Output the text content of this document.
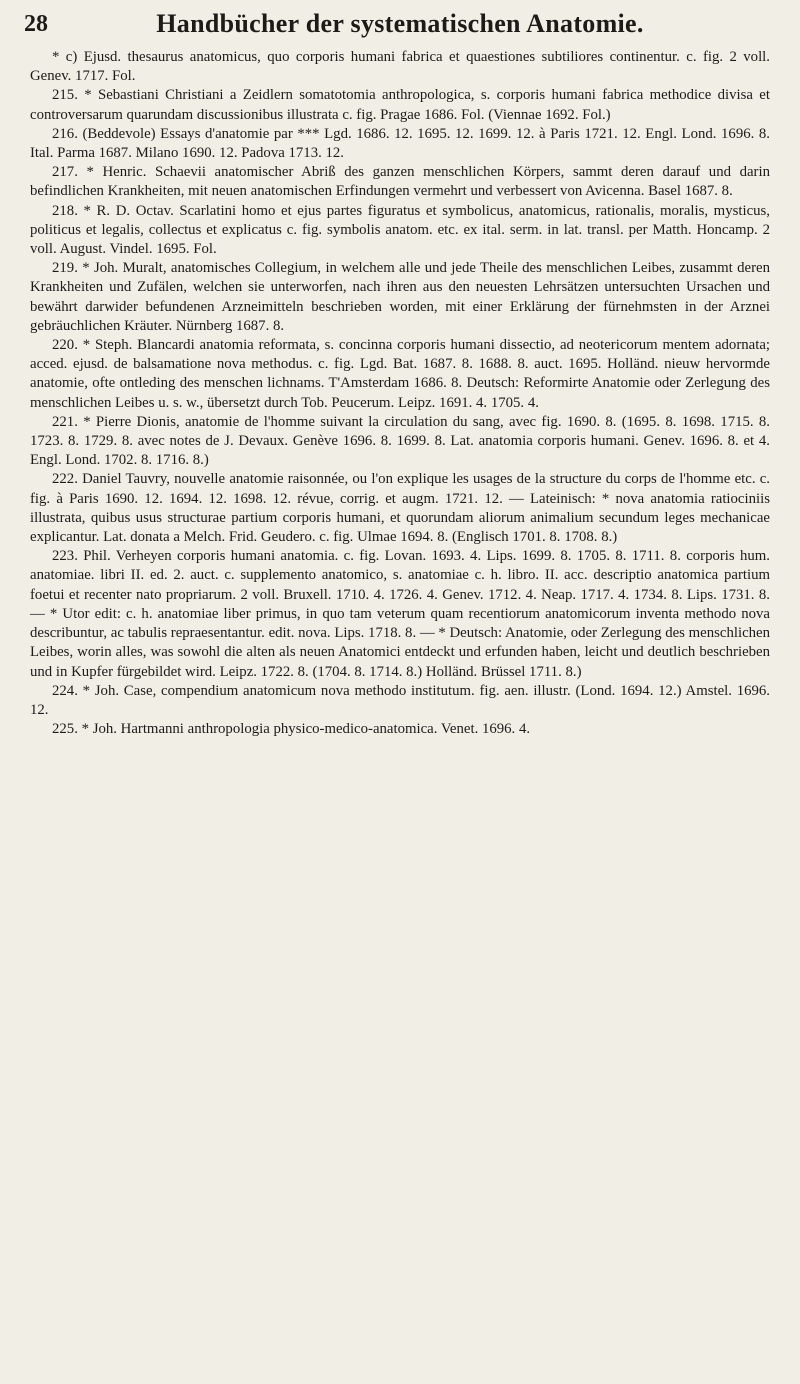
28	Handbücher der systematischen Anatomie.

* c) Ejusd. thesaurus anatomicus, quo corporis humani fabrica et quaestiones subtiliores continentur. c. fig. 2 voll. Genev. 1717. Fol.

215. * Sebastiani Christiani a Zeidlern somatotomia anthropologica, s. corporis humani fabrica methodice divisa et controversarum quarundam discussionibus illustrata c. fig. Pragae 1686. Fol. (Viennae 1692. Fol.)

216. (Beddevole) Essays d'anatomie par *** Lgd. 1686. 12. 1695. 12. 1699. 12. à Paris 1721. 12. Engl. Lond. 1696. 8. Ital. Parma 1687. Milano 1690. 12. Padova 1713. 12.

217. * Henric. Schaevii anatomischer Abriß des ganzen menschlichen Körpers, sammt deren darauf und darin befindlichen Krankheiten, mit neuen anatomischen Erfindungen vermehrt und verbessert von Avicenna. Basel 1687. 8.

218. * R. D. Octav. Scarlatini homo et ejus partes figuratus et symbolicus, anatomicus, rationalis, moralis, mysticus, politicus et legalis, collectus et explicatus c. fig. symbolis anatom. etc. ex ital. serm. in lat. transl. per Matth. Honcamp. 2 voll. August. Vindel. 1695. Fol.

219. * Joh. Muralt, anatomisches Collegium, in welchem alle und jede Theile des menschlichen Leibes, zusammt deren Krankheiten und Zufälen, welchen sie unterworfen, nach ihren aus den neuesten Lehrsätzen untersuchten Ursachen und bewährt darwider befundenen Arzneimitteln beschrieben worden, mit einer Erklärung der fürnehmsten in der Arznei gebräuchlichen Kräuter. Nürnberg 1687. 8.

220. * Steph. Blancardi anatomia reformata, s. concinna corporis humani dissectio, ad neotericorum mentem adornata; acced. ejusd. de balsamatione nova methodus. c. fig. Lgd. Bat. 1687. 8. 1688. 8. auct. 1695. Holländ. nieuw hervormde anatomie, ofte ontleding des menschen lichnams. T'Amsterdam 1686. 8. Deutsch: Reformirte Anatomie oder Zerlegung des menschlichen Leibes u. s. w., übersetzt durch Tob. Peucerum. Leipz. 1691. 4. 1705. 4.

221. * Pierre Dionis, anatomie de l'homme suivant la circulation du sang, avec fig. 1690. 8. (1695. 8. 1698. 1715. 8. 1723. 8. 1729. 8. avec notes de J. Devaux. Genève 1696. 8. 1699. 8. Lat. anatomia corporis humani. Genev. 1696. 8. et 4. Engl. Lond. 1702. 8. 1716. 8.)

222. Daniel Tauvry, nouvelle anatomie raisonnée, ou l'on explique les usages de la structure du corps de l'homme etc. c. fig. à Paris 1690. 12. 1694. 12. 1698. 12. révue, corrig. et augm. 1721. 12. — Lateinisch: * nova anatomia ratiociniis illustrata, quibus usus structurae partium corporis humani, et quorundam aliorum animalium secundum leges mechanicae explicantur. Lat. donata a Melch. Frid. Geudero. c. fig. Ulmae 1694. 8. (Englisch 1701. 8. 1708. 8.)

223. Phil. Verheyen corporis humani anatomia. c. fig. Lovan. 1693. 4. Lips. 1699. 8. 1705. 8. 1711. 8. corporis hum. anatomiae. libri II. ed. 2. auct. c. supplemento anatomico, s. anatomiae c. h. libro. II. acc. descriptio anatomica partium foetui et recenter nato propriarum. 2 voll. Bruxell. 1710. 4. 1726. 4. Genev. 1712. 4. Neap. 1717. 4. 1734. 8. Lips. 1731. 8. — * Utor edit: c. h. anatomiae liber primus, in quo tam veterum quam recentiorum anatomicorum inventa methodo nova describuntur, ac tabulis repraesentantur. edit. nova. Lips. 1718. 8. — * Deutsch: Anatomie, oder Zerlegung des menschlichen Leibes, worin alles, was sowohl die alten als neuen Anatomici entdeckt und erfunden haben, leicht und deutlich beschrieben und in Kupfer fürgebildet wird. Leipz. 1722. 8. (1704. 8. 1714. 8.) Holländ. Brüssel 1711. 8.)

224. * Joh. Case, compendium anatomicum nova methodo institutum. fig. aen. illustr. (Lond. 1694. 12.) Amstel. 1696. 12.

225. * Joh. Hartmanni anthropologia physico-medico-anatomica. Venet. 1696. 4.
